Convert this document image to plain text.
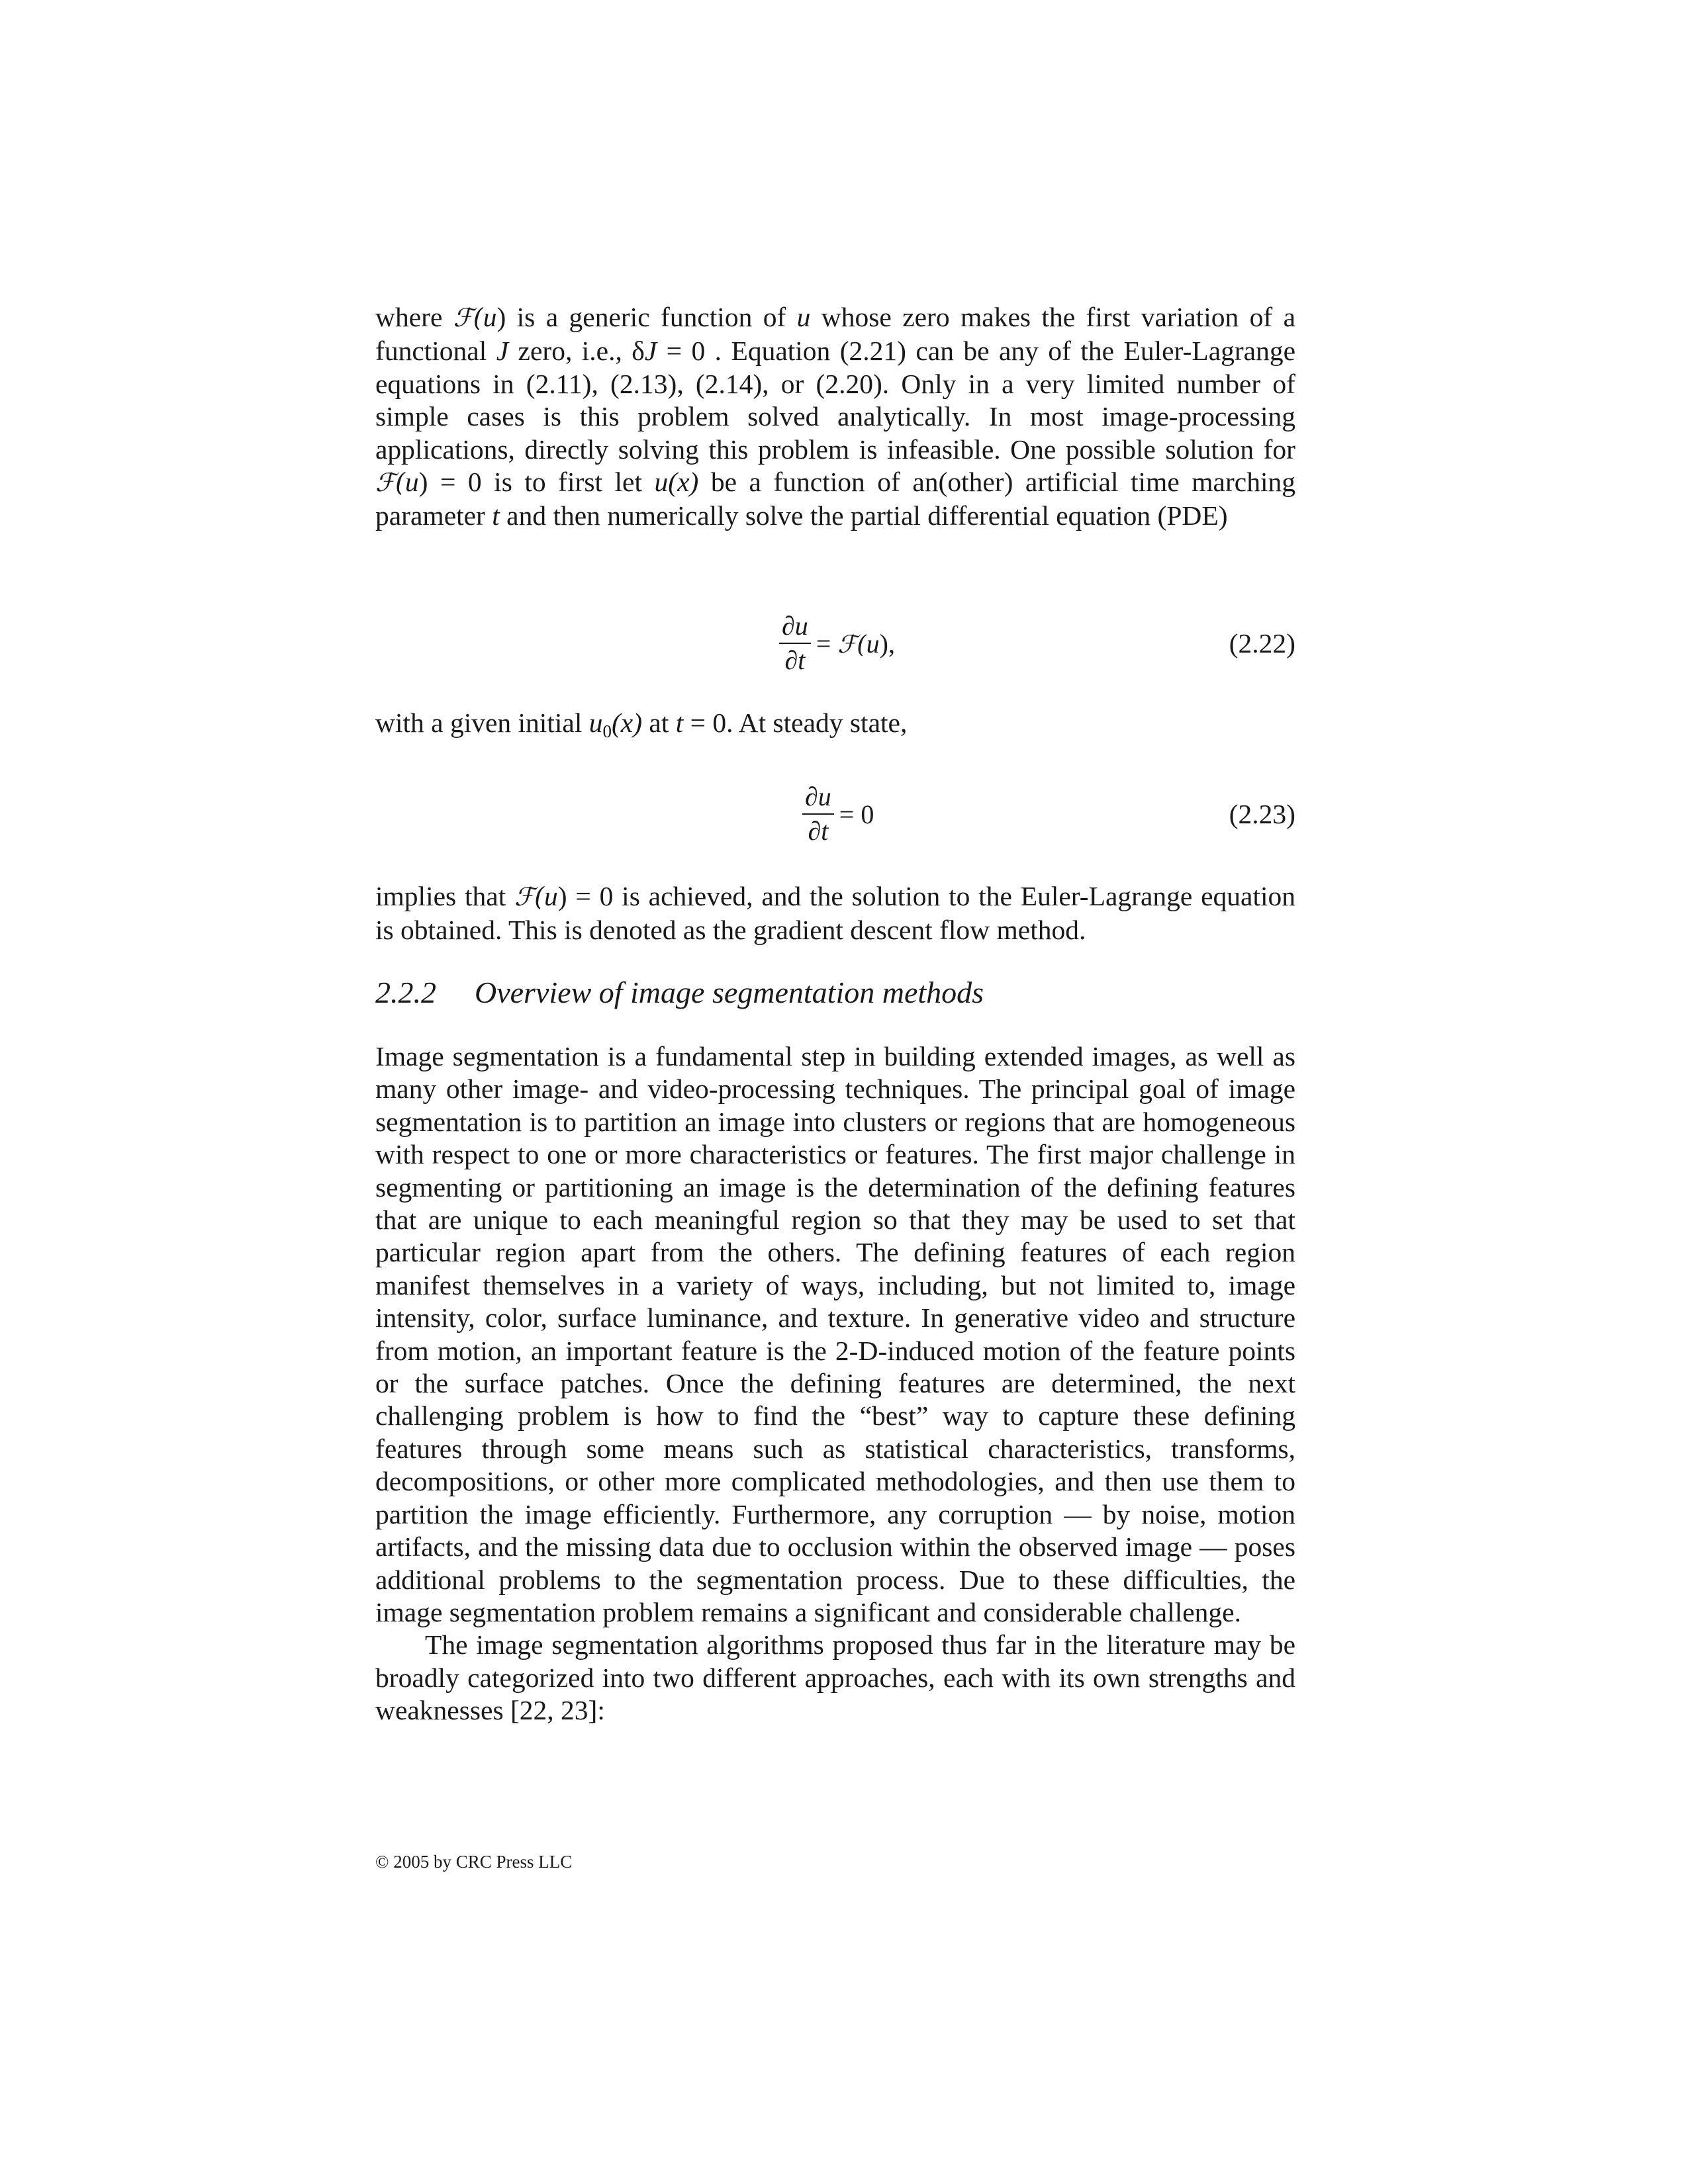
where ℱ(u) is a generic function of u whose zero makes the first variation of a functional J zero, i.e., δJ = 0 . Equation (2.21) can be any of the Euler-Lagrange equations in (2.11), (2.13), (2.14), or (2.20). Only in a very limited number of simple cases is this problem solved analytically. In most image-processing applications, directly solving this problem is infeasible. One possible solution for ℱ(u) = 0 is to first let u(x) be a function of an(other) artificial time marching parameter t and then numerically solve the partial differential equation (PDE)

$\frac{\partial u}{\partial t}$ = ℱ(u),	(2.22)

with a given initial $u_0(x)$ at t = 0. At steady state,

$\frac{\partial u}{\partial t} = 0$	(2.23)

implies that ℱ(u) = 0 is achieved, and the solution to the Euler-Lagrange equation is obtained. This is denoted as the gradient descent flow method.

2.2.2 Overview of image segmentation methods

Image segmentation is a fundamental step in building extended images, as well as many other image- and video-processing techniques. The principal goal of image segmentation is to partition an image into clusters or regions that are homogeneous with respect to one or more characteristics or features. The first major challenge in segmenting or partitioning an image is the determination of the defining features that are unique to each meaningful region so that they may be used to set that particular region apart from the others. The defining features of each region manifest themselves in a variety of ways, including, but not limited to, image intensity, color, surface luminance, and texture. In generative video and structure from motion, an important feature is the 2-D-induced motion of the feature points or the surface patches. Once the defining features are determined, the next challenging problem is how to find the “best” way to capture these defining features through some means such as statistical characteristics, transforms, decompositions, or other more complicated methodologies, and then use them to partition the image efficiently. Furthermore, any corruption — by noise, motion artifacts, and the missing data due to occlusion within the observed image — poses additional problems to the segmentation process. Due to these difficulties, the image segmentation problem remains a significant and considerable challenge.

The image segmentation algorithms proposed thus far in the literature may be broadly categorized into two different approaches, each with its own strengths and weaknesses [22, 23]:

© 2005 by CRC Press LLC
